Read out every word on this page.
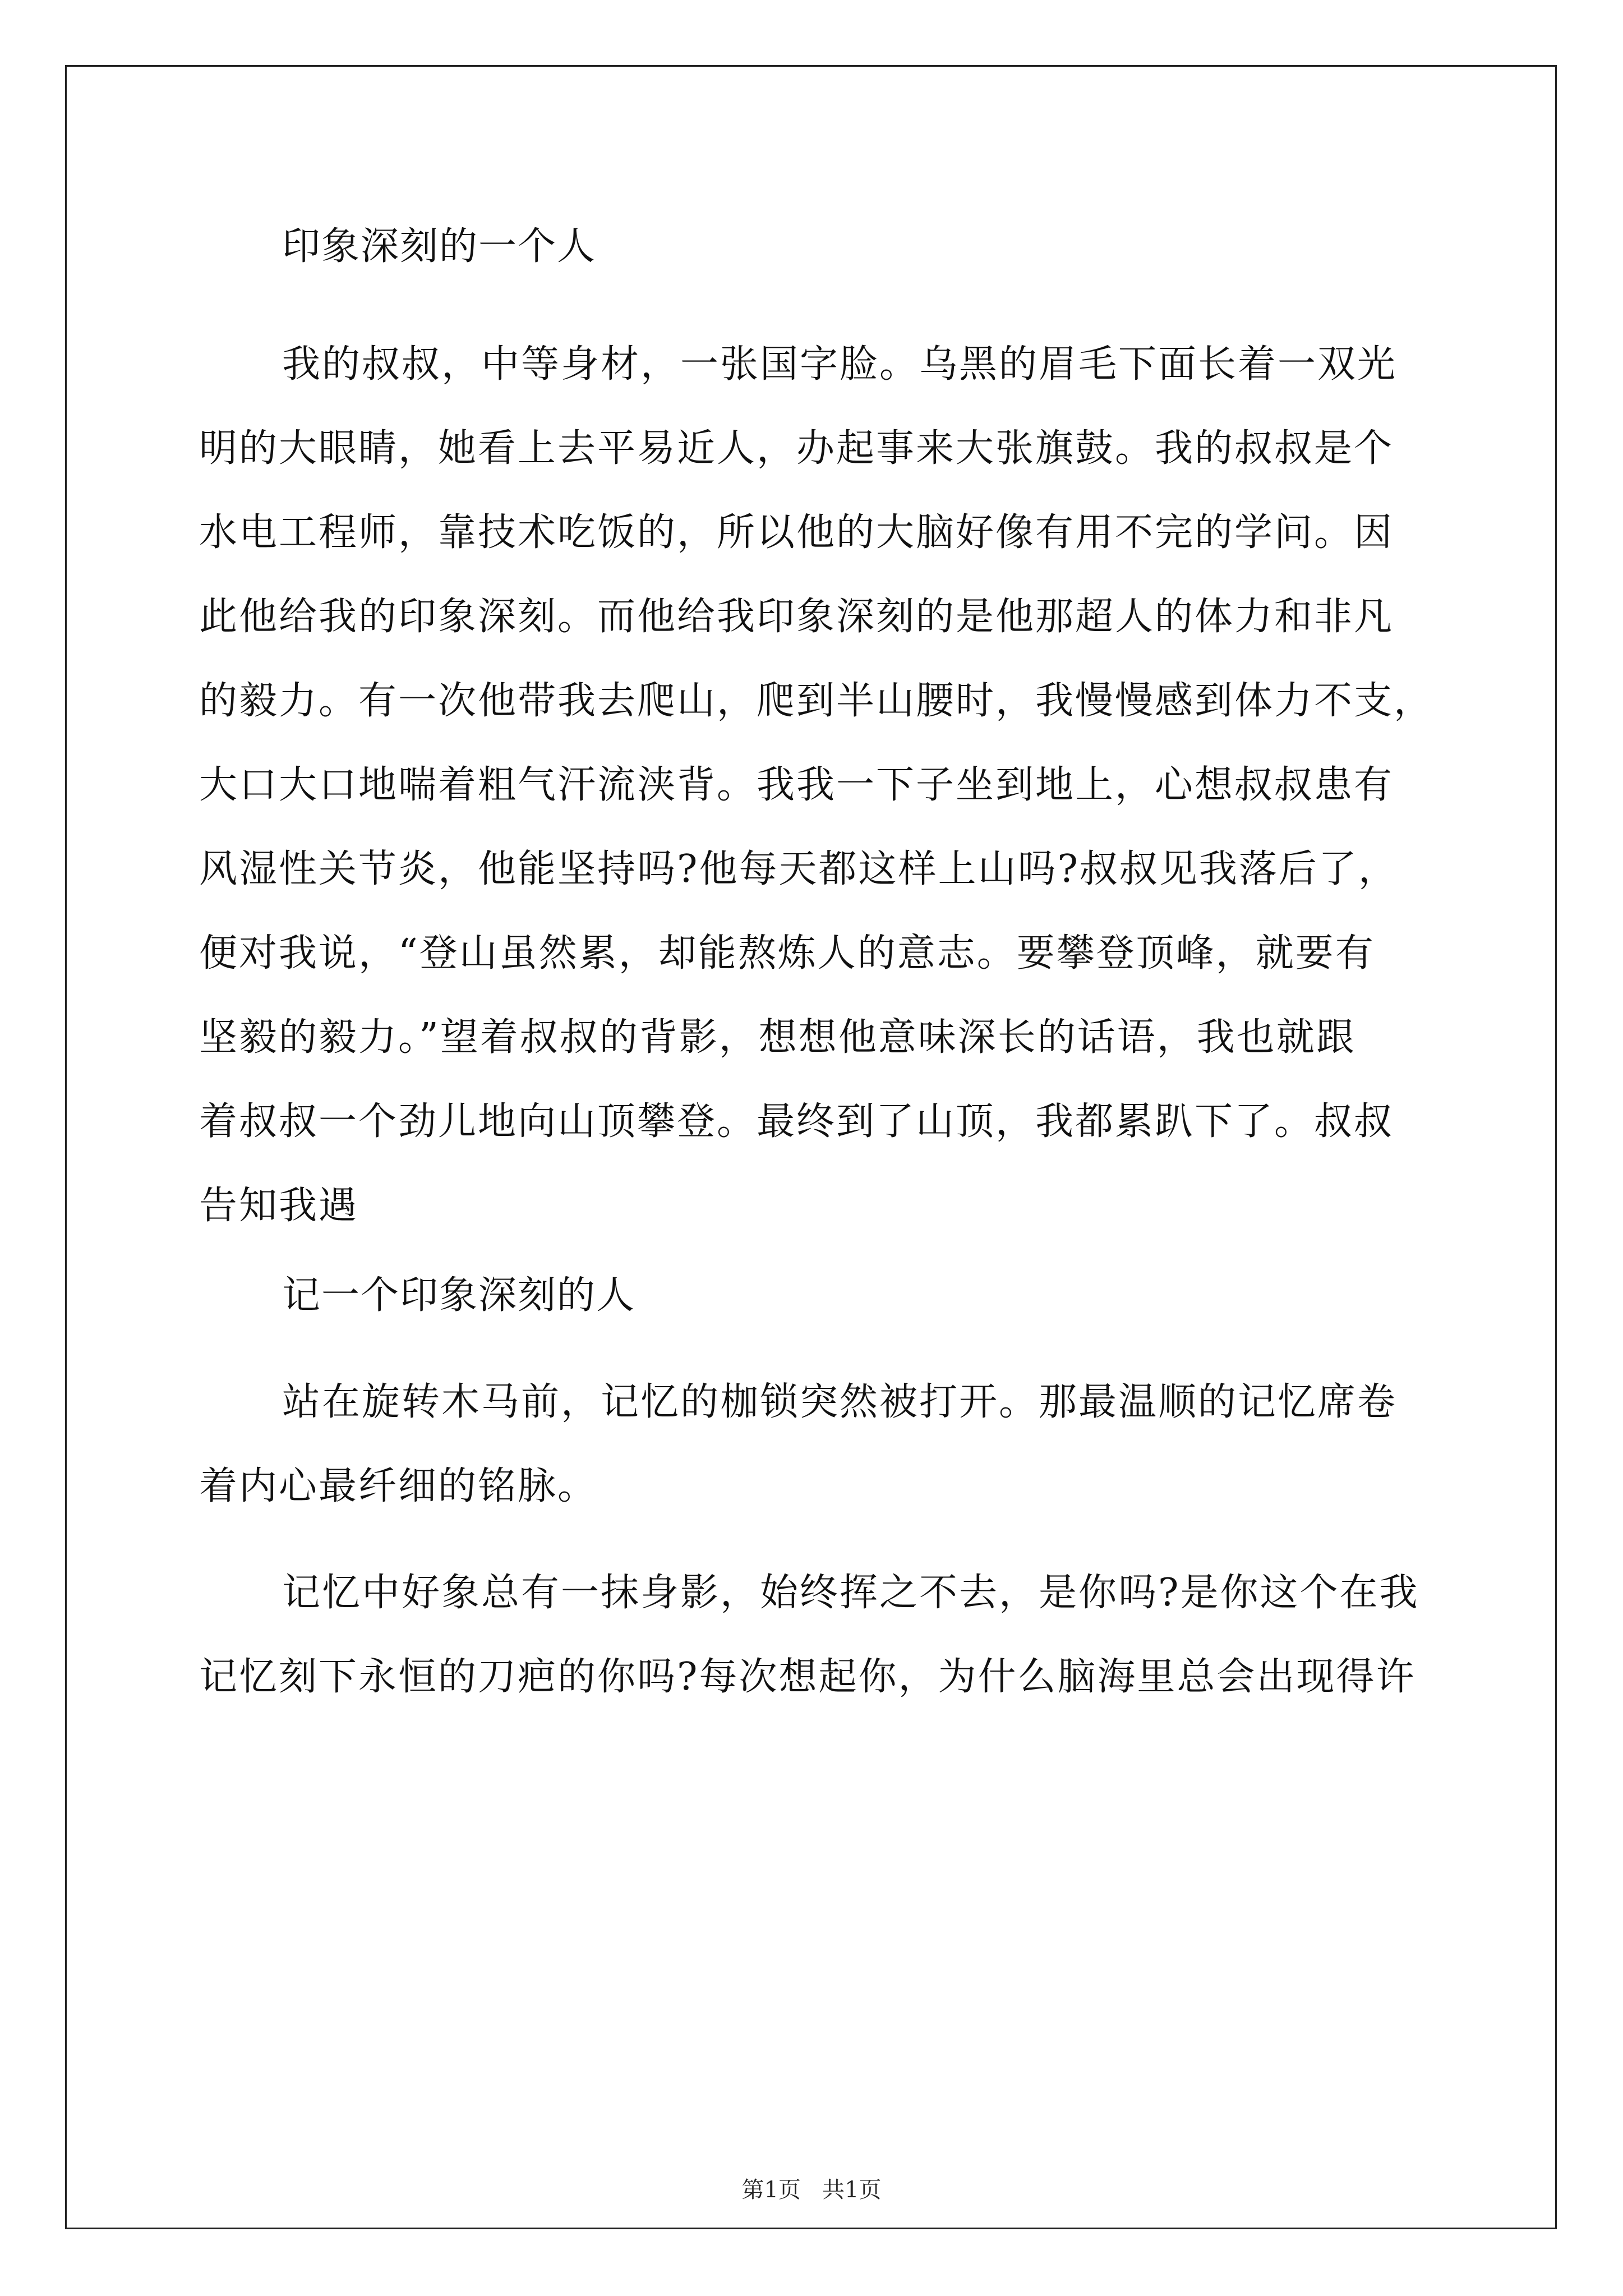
印象深刻的一个人
我的叔叔，中等身材，一张国字脸。乌黑的眉毛下面长着一双光
明的大眼睛，她看上去平易近人，办起事来大张旗鼓。我的叔叔是个
水电工程师，靠技术吃饭的，所以他的大脑好像有用不完的学问。因
此他给我的印象深刻。而他给我印象深刻的是他那超人的体力和非凡
的毅力。有一次他带我去爬山，爬到半山腰时，我慢慢感到体力不支，
大口大口地喘着粗气汗流浃背。我我一下子坐到地上，心想叔叔患有
风湿性关节炎，他能坚持吗?他每天都这样上山吗?叔叔见我落后了，
便对我说，“登山虽然累，却能熬炼人的意志。要攀登顶峰，就要有
坚毅的毅力。”望着叔叔的背影，想想他意味深长的话语，我也就跟
着叔叔一个劲儿地向山顶攀登。最终到了山顶，我都累趴下了。叔叔
告知我遇
记一个印象深刻的人
站在旋转木马前，记忆的枷锁突然被打开。那最温顺的记忆席卷
着内心最纤细的铭脉。
记忆中好象总有一抹身影，始终挥之不去，是你吗?是你这个在我
记忆刻下永恒的刀疤的你吗?每次想起你，为什么脑海里总会出现得许
第1页   共1页
